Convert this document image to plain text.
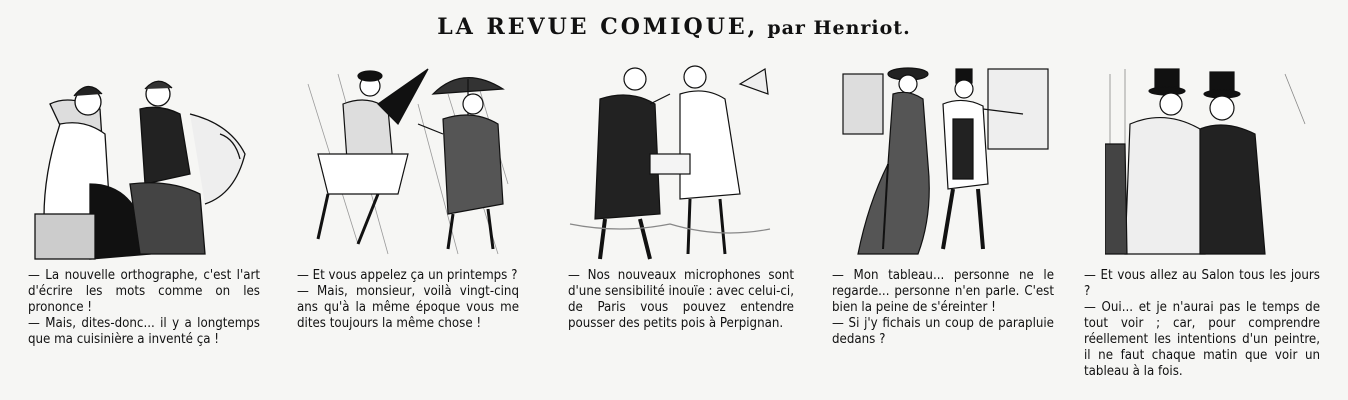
LA REVUE COMIQUE, par Henriot.
— La nouvelle orthographe, c'est l'art d'écrire les mots comme on les prononce !
— Mais, dites-donc... il y a longtemps que ma cuisinière a inventé ça !
— Et vous appelez ça un printemps ?
— Mais, monsieur, voilà vingt-cinq ans qu'à la même époque vous me dites toujours la même chose !
— Nos nouveaux microphones sont d'une sensibilité inouïe : avec celui-ci, de Paris vous pouvez entendre pousser des petits pois à Perpignan.
— Mon tableau... personne ne le regarde... personne n'en parle. C'est bien la peine de s'éreinter !
— Si j'y fichais un coup de parapluie dedans ?
— Et vous allez au Salon tous les jours ?
— Oui... et je n'aurai pas le temps de tout voir ; car, pour comprendre réellement les intentions d'un peintre, il ne faut chaque matin que voir un tableau à la fois.
